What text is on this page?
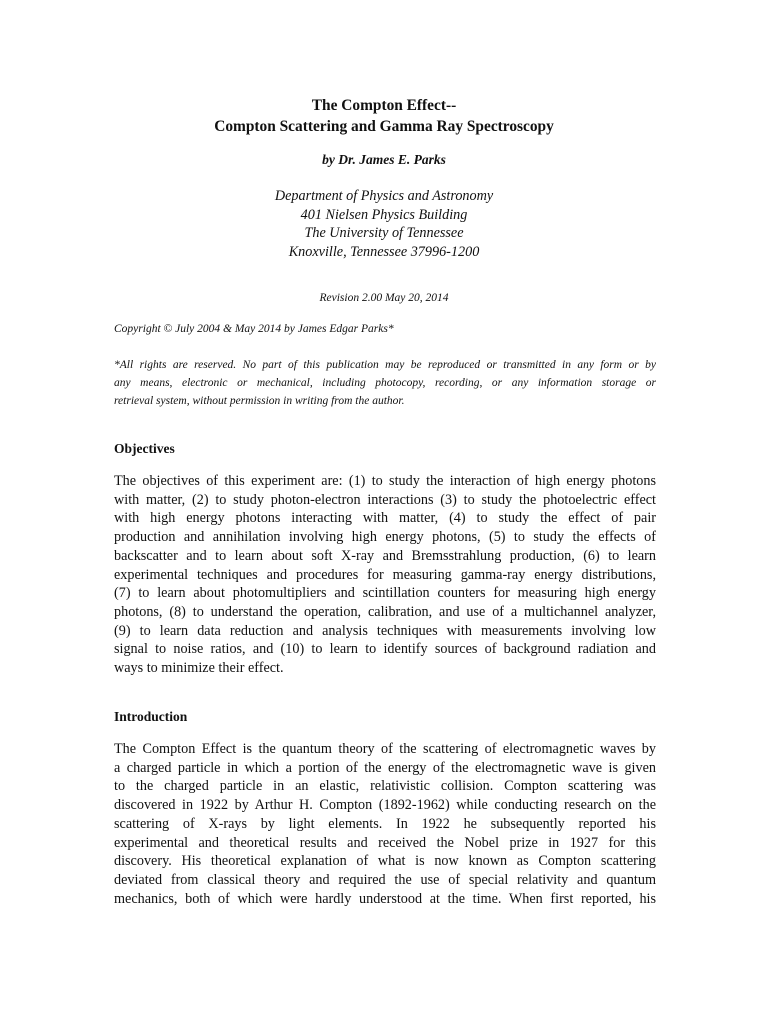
The Compton Effect--

Compton Scattering and Gamma Ray Spectroscopy

by Dr. James E. Parks
Department of Physics and Astronomy
401 Nielsen Physics Building
The University of Tennessee
Knoxville, Tennessee 37996-1200
Revision 2.00 May 20, 2014
Copyright © July 2004 & May 2014 by James Edgar Parks*
*All rights are reserved. No part of this publication may be reproduced or transmitted in any form or by
any means, electronic or mechanical, including photocopy, recording, or any information storage or
retrieval system, without permission in writing from the author.
Objectives
The objectives of this experiment are: (1) to study the interaction of high energy photons
with matter, (2) to study photon-electron interactions (3) to study the photoelectric effect
with high energy photons interacting with matter, (4) to study the effect of pair
production and annihilation involving high energy photons, (5) to study the effects of
backscatter and to learn about soft X-ray and Bremsstrahlung production, (6) to learn
experimental techniques and procedures for measuring gamma-ray energy distributions,
(7) to learn about photomultipliers and scintillation counters for measuring high energy
photons, (8) to understand the operation, calibration, and use of a multichannel analyzer,
(9) to learn data reduction and analysis techniques with measurements involving low
signal to noise ratios, and (10) to learn to identify sources of background radiation and
ways to minimize their effect.
Introduction
The Compton Effect is the quantum theory of the scattering of electromagnetic waves by
a charged particle in which a portion of the energy of the electromagnetic wave is given
to the charged particle in an elastic, relativistic collision. Compton scattering was
discovered in 1922 by Arthur H. Compton (1892-1962) while conducting research on the
scattering of X-rays by light elements. In 1922 he subsequently reported his
experimental and theoretical results and received the Nobel prize in 1927 for this
discovery. His theoretical explanation of what is now known as Compton scattering
deviated from classical theory and required the use of special relativity and quantum
mechanics, both of which were hardly understood at the time. When first reported, his
